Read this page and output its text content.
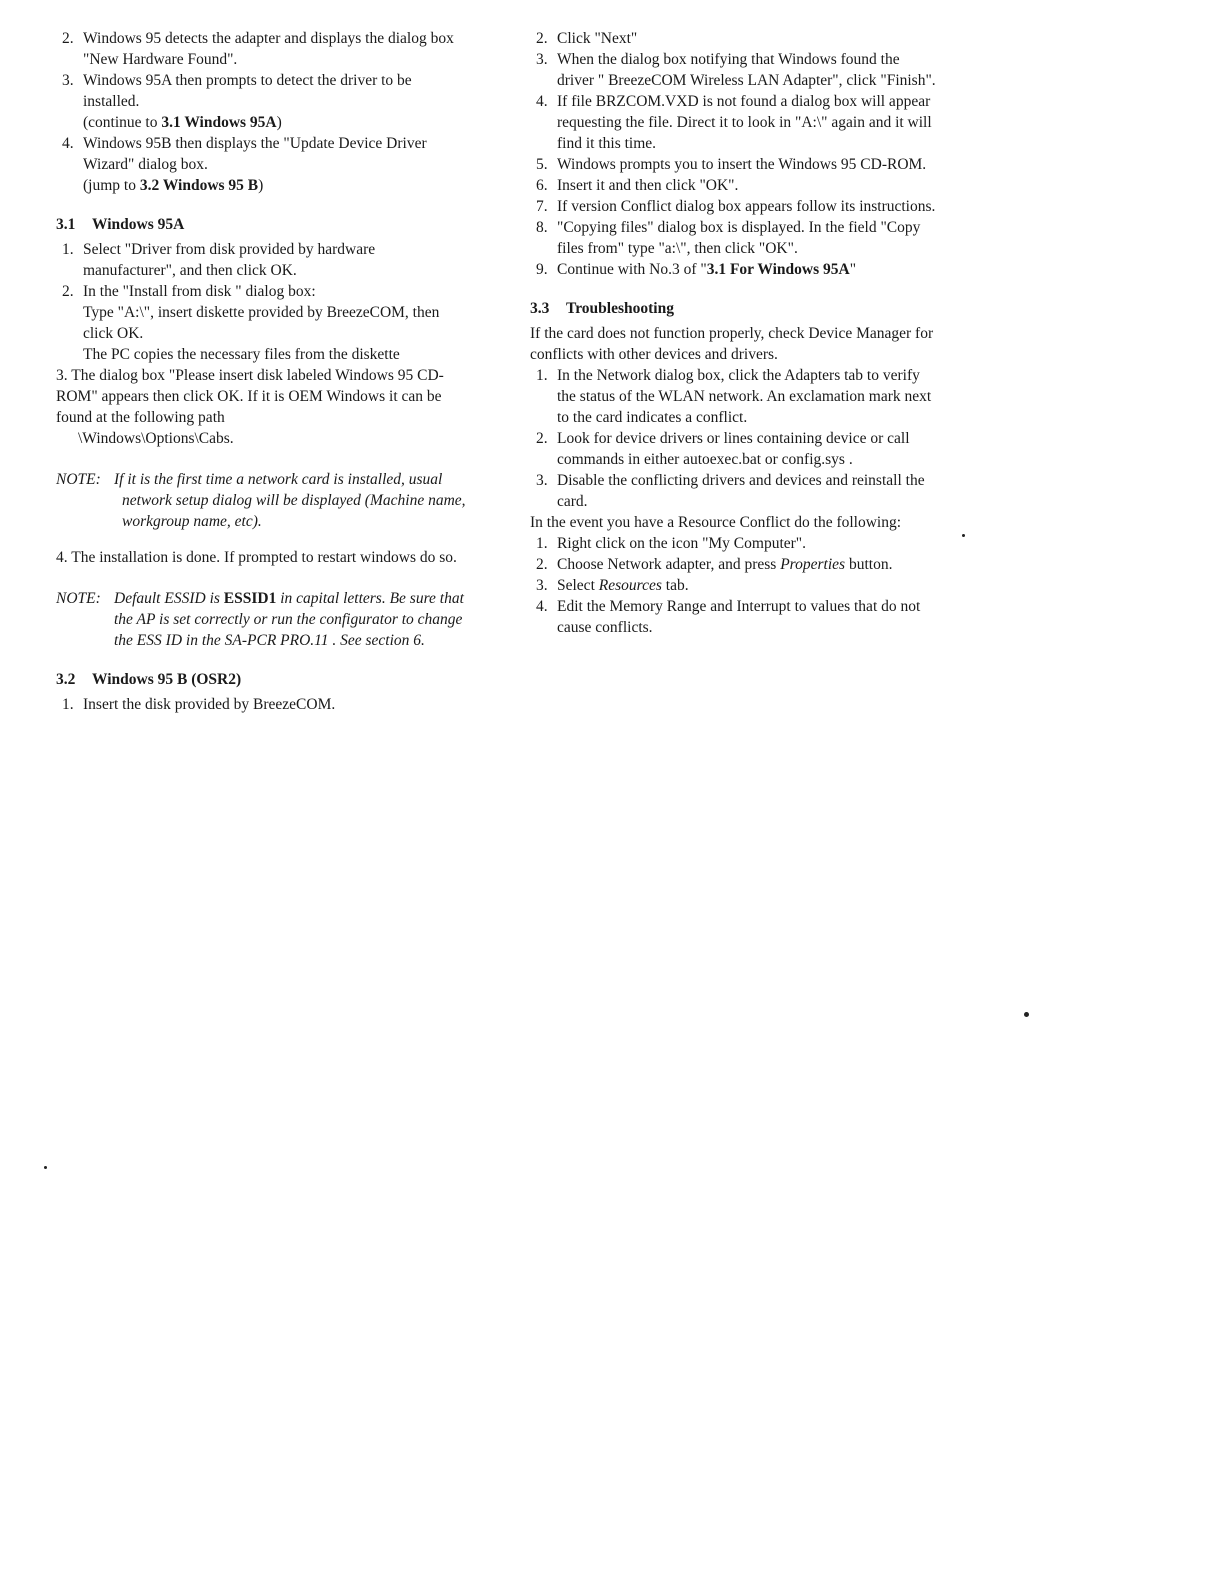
2. Windows 95 detects the adapter and displays the dialog box "New Hardware Found".
3. Windows 95A then prompts to detect the driver to be installed.
(continue to 3.1 Windows 95A)
4. Windows 95B then displays the "Update Device Driver Wizard" dialog box.
(jump to 3.2 Windows 95 B)
3.1 Windows 95A
1. Select "Driver from disk provided by hardware manufacturer", and then click OK.
2. In the "Install from disk " dialog box:
Type "A:\", insert diskette provided by BreezeCOM, then click OK.
The PC copies the necessary files from the diskette
3. The dialog box "Please insert disk labeled Windows 95 CD-ROM" appears then click OK. If it is OEM Windows it can be found at the following path
\Windows\Options\Cabs.
NOTE: If it is the first time a network card is installed, usual network setup dialog will be displayed (Machine name, workgroup name, etc).
4. The installation is done. If prompted to restart windows do so.
NOTE: Default ESSID is ESSID1 in capital letters. Be sure that the AP is set correctly or run the configurator to change the ESS ID in the SA-PCR PRO.11 . See section 6.
3.2 Windows 95 B (OSR2)
1. Insert the disk provided by BreezeCOM.
2. Click "Next"
3. When the dialog box notifying that Windows found the driver " BreezeCOM Wireless LAN Adapter", click "Finish".
4. If file BRZCOM.VXD is not found a dialog box will appear requesting the file. Direct it to look in "A:\" again and it will find it this time.
5. Windows prompts you to insert the Windows 95 CD-ROM.
6. Insert it and then click "OK".
7. If version Conflict dialog box appears follow its instructions.
8. "Copying files" dialog box is displayed. In the field "Copy files from" type "a:\", then click "OK".
9. Continue with No.3 of "3.1 For Windows 95A"
3.3 Troubleshooting
If the card does not function properly, check Device Manager for conflicts with other devices and drivers.
1. In the Network dialog box, click the Adapters tab to verify the status of the WLAN network. An exclamation mark next to the card indicates a conflict.
2. Look for device drivers or lines containing device or call commands in either autoexec.bat or config.sys .
3. Disable the conflicting drivers and devices and reinstall the card.
In the event you have a Resource Conflict do the following:
1. Right click on the icon "My Computer".
2. Choose Network adapter, and press Properties button.
3. Select Resources tab.
4. Edit the Memory Range and Interrupt to values that do not cause conflicts.
